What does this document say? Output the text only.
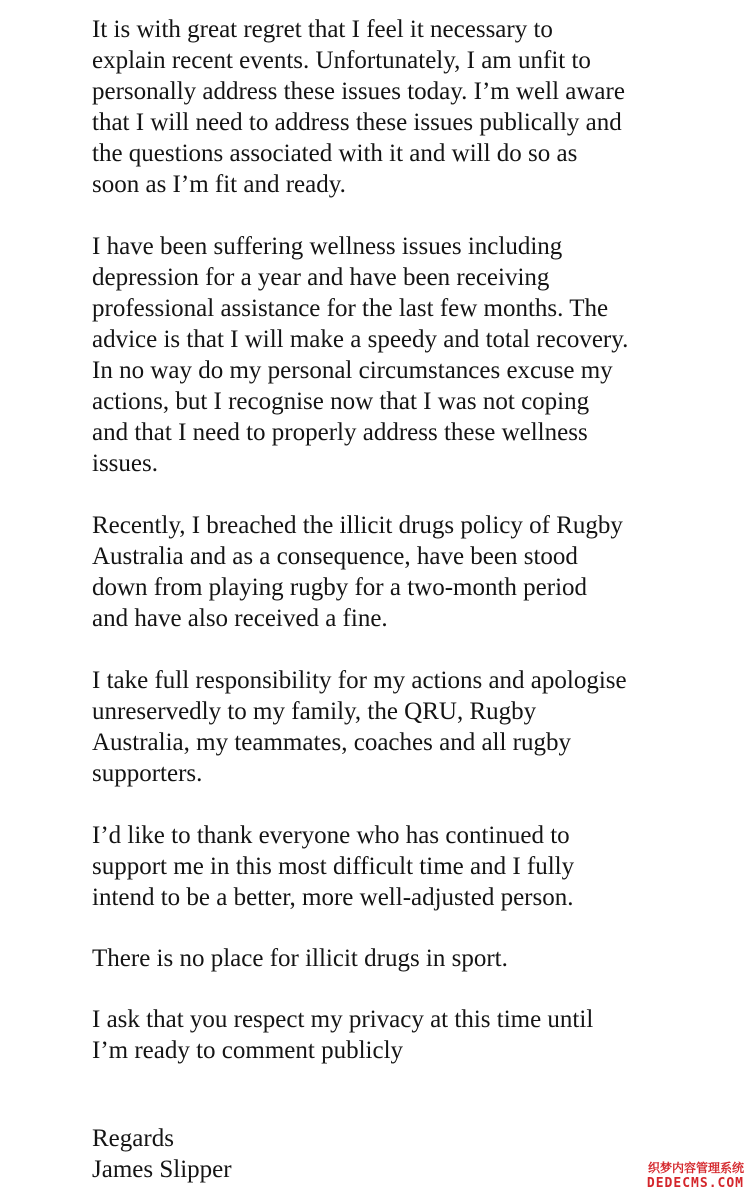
It is with great regret that I feel it necessary to
explain recent events. Unfortunately, I am unfit to
personally address these issues today. I’m well aware
that I will need to address these issues publically and
the questions associated with it and will do so as
soon as I’m fit and ready.

I have been suffering wellness issues including
depression for a year and have been receiving
professional assistance for the last few months. The
advice is that I will make a speedy and total recovery.
In no way do my personal circumstances excuse my
actions, but I recognise now that I was not coping
and that I need to properly address these wellness
issues.

Recently, I breached the illicit drugs policy of Rugby
Australia and as a consequence, have been stood
down from playing rugby for a two-month period
and have also received a fine.

I take full responsibility for my actions and apologise
unreservedly to my family, the QRU, Rugby
Australia, my teammates, coaches and all rugby
supporters.

I’d like to thank everyone who has continued to
support me in this most difficult time and I fully
intend to be a better, more well-adjusted person.

There is no place for illicit drugs in sport.

I ask that you respect my privacy at this time until
I’m ready to comment publicly

Regards

James Slipper	织梦内容管理系统
DEDECMS.COM
